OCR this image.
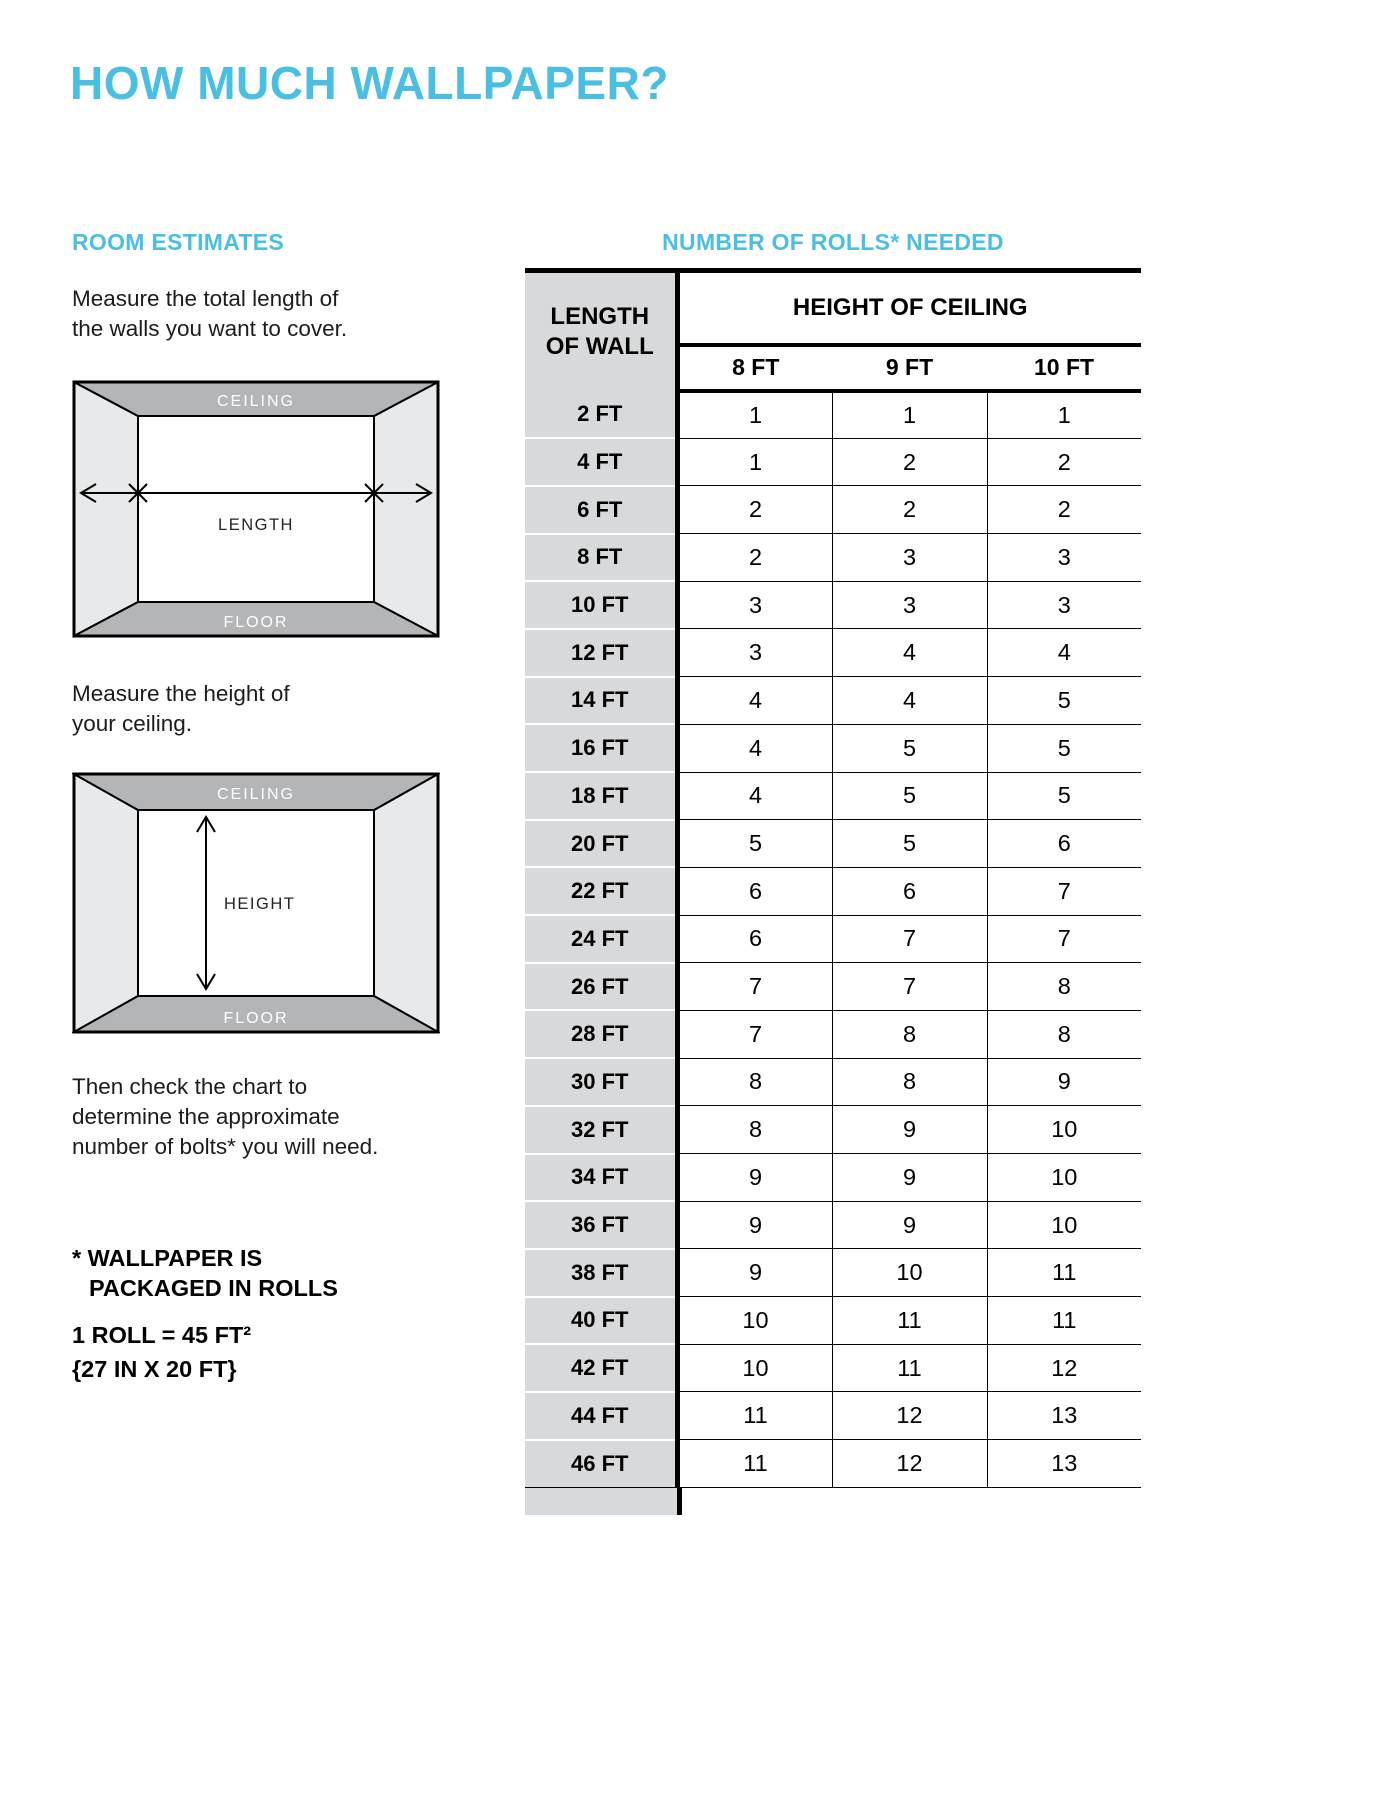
HOW MUCH WALLPAPER?
ROOM ESTIMATES	NUMBER OF ROLLS* NEEDED
Measure the total length of
the walls you want to cover.
CEILING
FLOOR
LENGTH
Measure the height of
your ceiling.
CEILING
FLOOR
HEIGHT
Then check the chart to
determine the approximate
number of bolts* you will need.
* WALLPAPER IS
PACKAGED IN ROLLS
1 ROLL = 45 FT²
{27 IN X 20 FT}
LENGTH
OF WALL	HEIGHT OF CEILING		
	8 FT	9 FT	10 FT
2 FT	1	1	1
4 FT	1	2	2
6 FT	2	2	2
8 FT	2	3	3
10 FT	3	3	3
12 FT	3	4	4
14 FT	4	4	5
16 FT	4	5	5
18 FT	4	5	5
20 FT	5	5	6
22 FT	6	6	7
24 FT	6	7	7
26 FT	7	7	8
28 FT	7	8	8
30 FT	8	8	9
32 FT	8	9	10
34 FT	9	9	10
36 FT	9	9	10
38 FT	9	10	11
40 FT	10	11	11
42 FT	10	11	12
44 FT	11	12	13
46 FT	11	12	13
